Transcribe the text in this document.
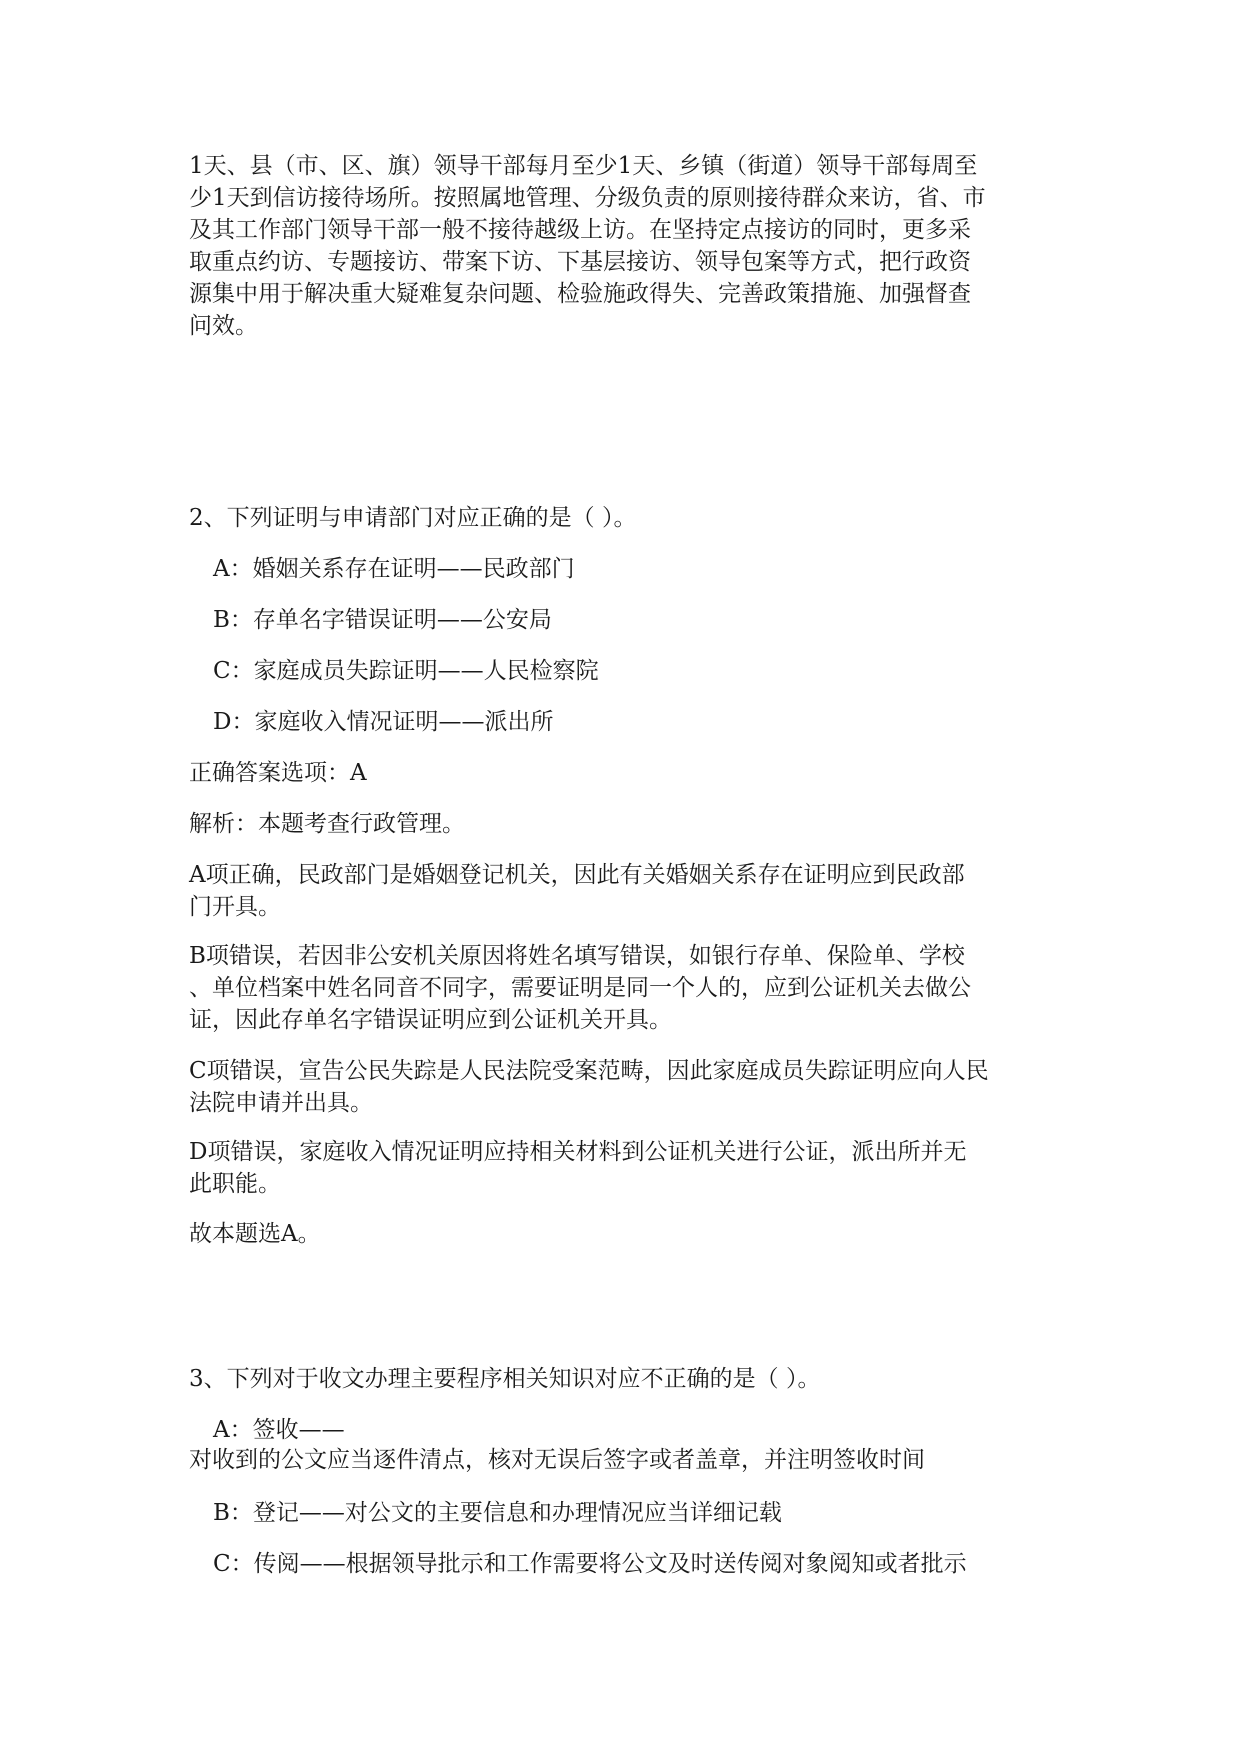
1天、县（市、区、旗）领导干部每月至少1天、乡镇（街道）领导干部每周至
少1天到信访接待场所。按照属地管理、分级负责的原则接待群众来访，省、市
及其工作部门领导干部一般不接待越级上访。在坚持定点接访的同时，更多采
取重点约访、专题接访、带案下访、下基层接访、领导包案等方式，把行政资
源集中用于解决重大疑难复杂问题、检验施政得失、完善政策措施、加强督查
问效。
2、下列证明与申请部门对应正确的是（ ）。
A：婚姻关系存在证明——民政部门
B：存单名字错误证明——公安局
C：家庭成员失踪证明——人民检察院
D：家庭收入情况证明——派出所
正确答案选项：A
解析：本题考查行政管理。
A项正确，民政部门是婚姻登记机关，因此有关婚姻关系存在证明应到民政部
门开具。
B项错误，若因非公安机关原因将姓名填写错误，如银行存单、保险单、学校
、单位档案中姓名同音不同字，需要证明是同一个人的，应到公证机关去做公
证，因此存单名字错误证明应到公证机关开具。
C项错误，宣告公民失踪是人民法院受案范畴，因此家庭成员失踪证明应向人民
法院申请并出具。
D项错误，家庭收入情况证明应持相关材料到公证机关进行公证，派出所并无
此职能。
故本题选A。
3、下列对于收文办理主要程序相关知识对应不正确的是（ ）。
A：签收——
对收到的公文应当逐件清点，核对无误后签字或者盖章，并注明签收时间
B：登记——对公文的主要信息和办理情况应当详细记载
C：传阅——根据领导批示和工作需要将公文及时送传阅对象阅知或者批示
